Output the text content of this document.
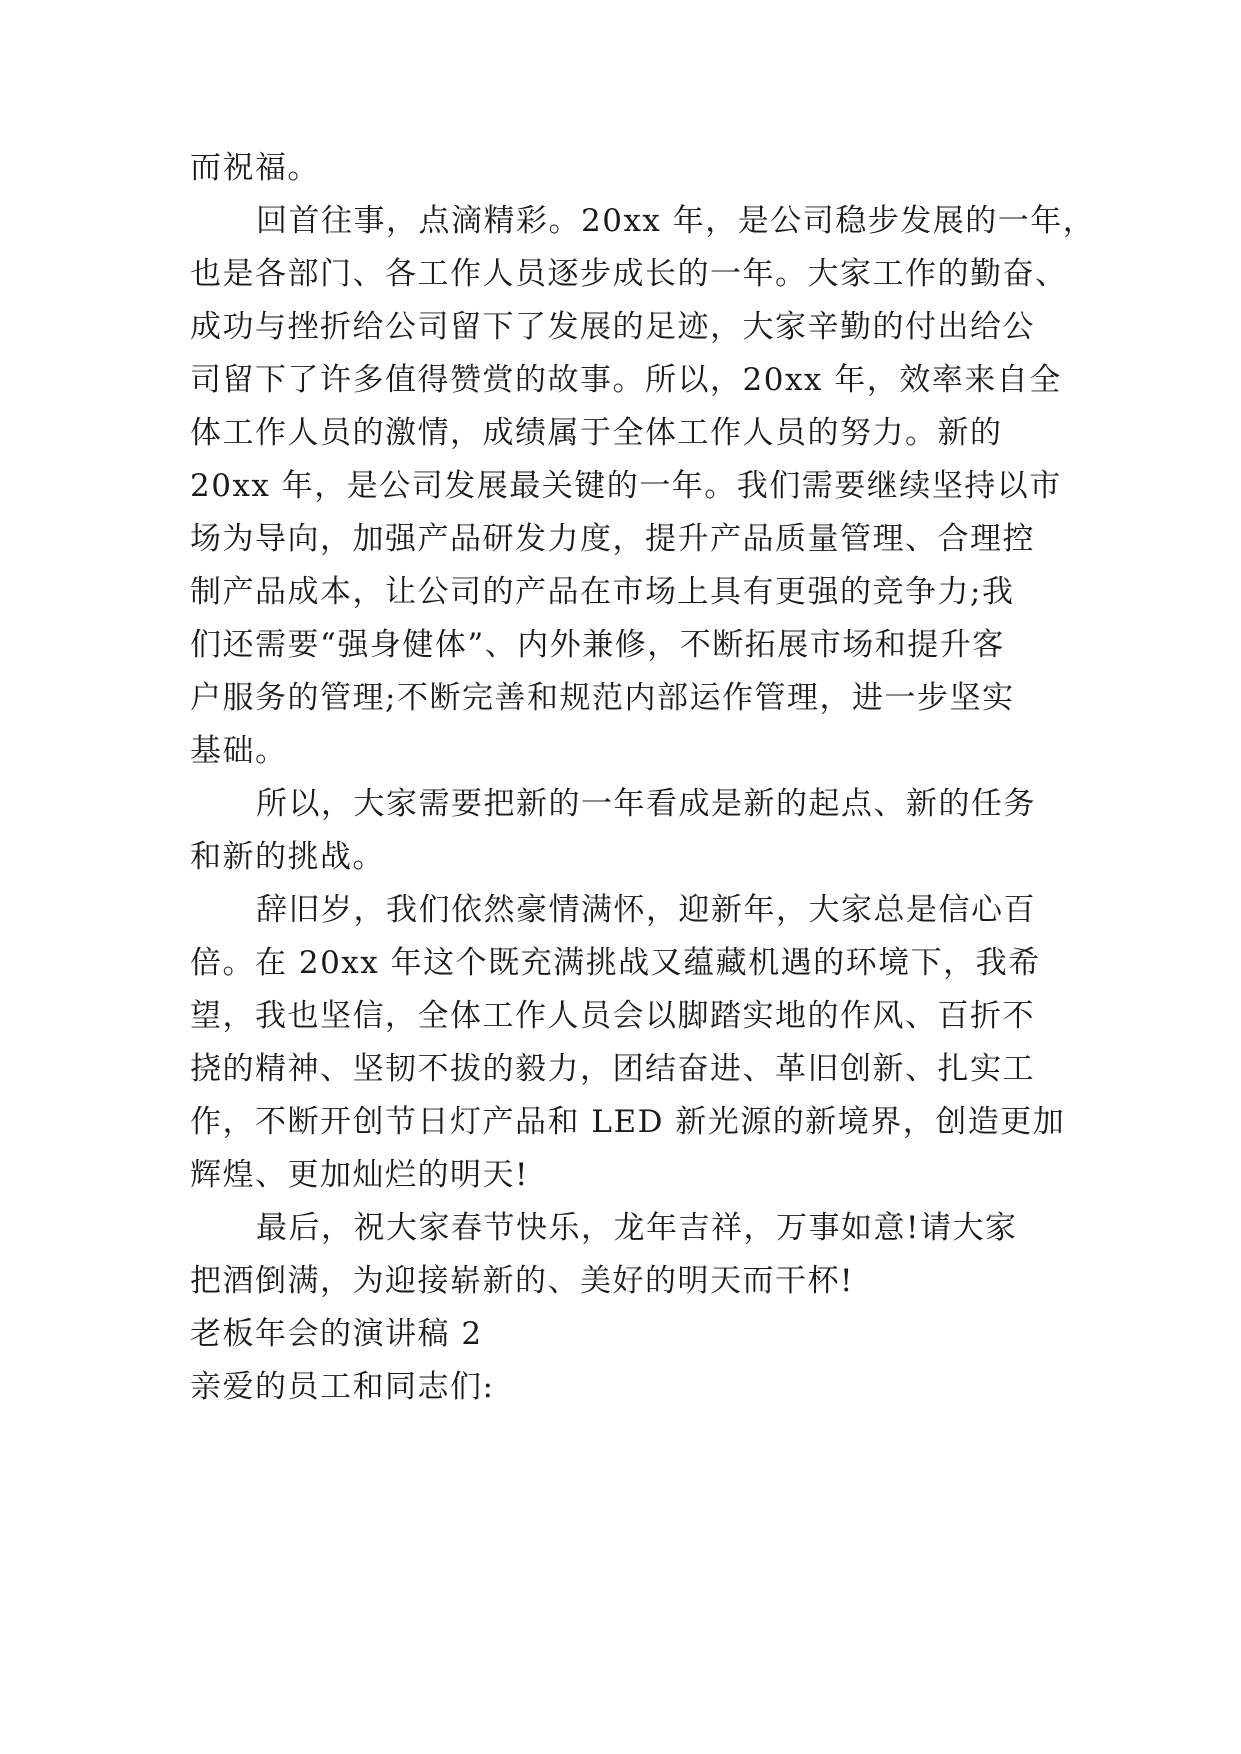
而祝福。
回首往事，点滴精彩。20xx 年，是公司稳步发展的一年，
也是各部门、各工作人员逐步成长的一年。大家工作的勤奋、
成功与挫折给公司留下了发展的足迹，大家辛勤的付出给公
司留下了许多值得赞赏的故事。所以，20xx 年，效率来自全
体工作人员的激情，成绩属于全体工作人员的努力。新的
20xx 年，是公司发展最关键的一年。我们需要继续坚持以市
场为导向，加强产品研发力度，提升产品质量管理、合理控
制产品成本，让公司的产品在市场上具有更强的竞争力;我
们还需要“强身健体”、内外兼修，不断拓展市场和提升客
户服务的管理;不断完善和规范内部运作管理，进一步坚实
基础。
所以，大家需要把新的一年看成是新的起点、新的任务
和新的挑战。
辞旧岁，我们依然豪情满怀，迎新年，大家总是信心百
倍。在 20xx 年这个既充满挑战又蕴藏机遇的环境下，我希
望，我也坚信，全体工作人员会以脚踏实地的作风、百折不
挠的精神、坚韧不拔的毅力，团结奋进、革旧创新、扎实工
作，不断开创节日灯产品和 LED 新光源的新境界，创造更加
辉煌、更加灿烂的明天!
最后，祝大家春节快乐，龙年吉祥，万事如意!请大家
把酒倒满，为迎接崭新的、美好的明天而干杯!
老板年会的演讲稿 2
亲爱的员工和同志们:
